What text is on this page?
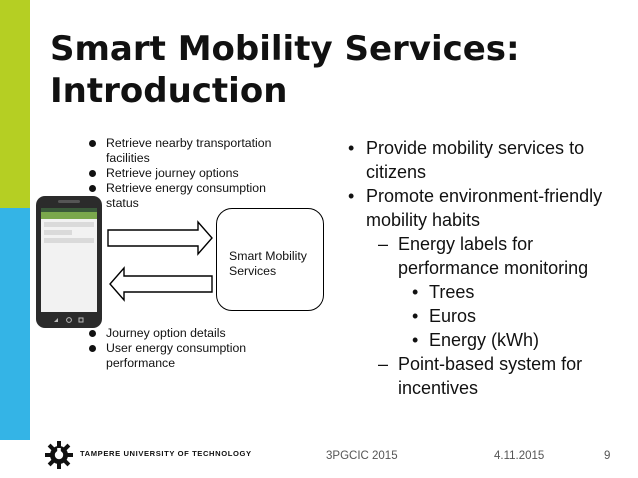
Smart Mobility Services:
Introduction
Retrieve nearby transportation facilities
Retrieve journey options
Retrieve energy consumption status
Smart Mobility Services
Journey option details
User energy consumption performance
• Provide mobility services to citizens
• Promote environment-friendly mobility habits
– Energy labels for performance monitoring
• Trees
• Euros
• Energy (kWh)
– Point-based system for incentives
TAMPERE UNIVERSITY OF TECHNOLOGY	3PGCIC 2015	4.11.2015	9
